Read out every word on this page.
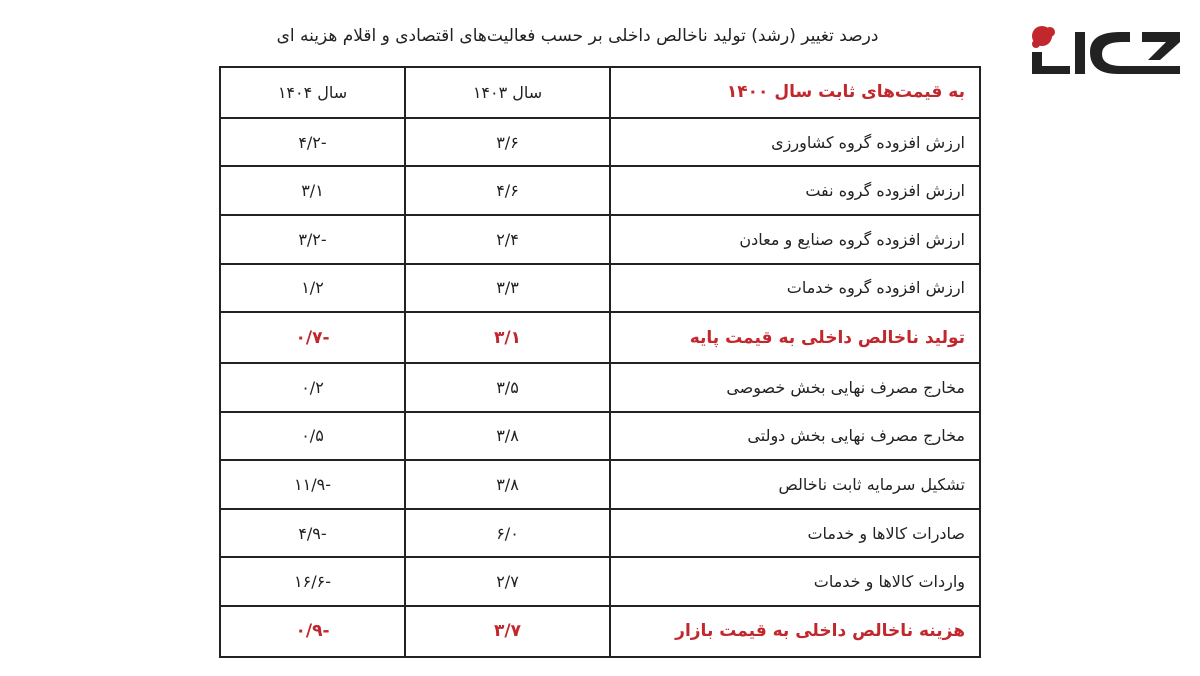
درصد تغییر (رشد) تولید ناخالص داخلی بر حسب فعالیت‌های اقتصادی و اقلام هزینه ای
به قیمت‌های ثابت سال ۱۴۰۰	سال ۱۴۰۳	سال ۱۴۰۴
ارزش افزوده گروه کشاورزی	۳/۶	-۴/۲
ارزش افزوده گروه نفت	۴/۶	۳/۱
ارزش افزوده گروه صنایع و معادن	۲/۴	-۳/۲
ارزش افزوده گروه خدمات	۳/۳	۱/۲
تولید ناخالص داخلی به قیمت پایه	۳/۱	-۰/۷
مخارج مصرف نهایی بخش خصوصی	۳/۵	۰/۲
مخارج مصرف نهایی بخش دولتی	۳/۸	۰/۵
تشکیل سرمایه ثابت ناخالص	۳/۸	-۱۱/۹
صادرات کالاها و خدمات	۶/۰	-۴/۹
واردات کالاها و خدمات	۲/۷	-۱۶/۶
هزینه ناخالص داخلی به قیمت بازار	۳/۷	-۰/۹
